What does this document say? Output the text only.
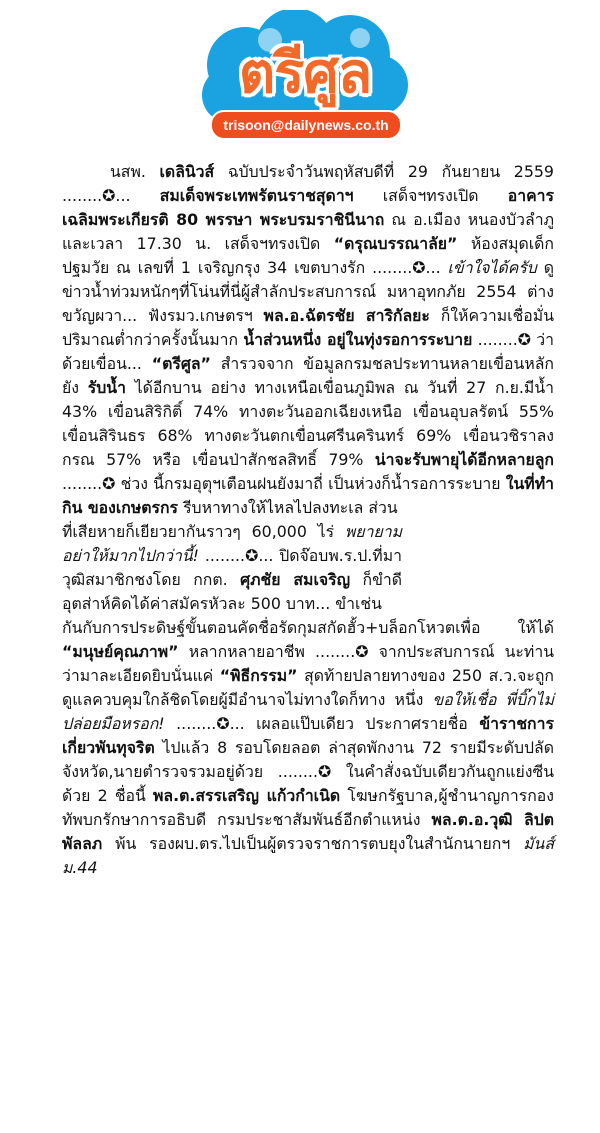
ตรีศูล
trisoon@dailynews.co.th

นสพ. เดลินิวส์ ฉบับประจำวันพฤหัสบดีที่ 29 กันยายน 2559 ........✪... สมเด็จพระเทพรัตนราชสุดาฯ เสด็จฯทรงเปิด อาคารเฉลิมพระเกียรติ 80 พรรษา พระบรมราชินีนาถ ณ อ.เมือง หนองบัวลำภู และเวลา 17.30 น. เสด็จฯทรงเปิด “ดรุณบรรณาลัย” ห้องสมุดเด็กปฐมวัย ณ เลขที่ 1 เจริญกรุง 34 เขตบางรัก ........✪... เข้าใจได้ครับ ดูข่าวน้ำท่วมหนักๆที่โน่นที่นี่ผู้สำลักประสบการณ์ มหาอุทกภัย 2554 ต่างขวัญผวา... ฟังรมว.เกษตรฯ พล.อ.ฉัตรชัย สาริกัลยะ ก็ให้ความเชื่อมั่นปริมาณต่ำกว่าครั้งนั้นมาก น้ำส่วนหนึ่ง อยู่ในทุ่งรอการระบาย ........✪ ว่าด้วยเขื่อน... “ตรีศูล” สำรวจจาก ข้อมูลกรมชลประทานหลายเขื่อนหลักยัง รับน้ำ ได้อีกบาน อย่าง ทางเหนือเขื่อนภูมิพล ณ วันที่ 27 ก.ย.มีน้ำ 43% เขื่อนสิริกิติ์ 74% ทางตะวันออกเฉียงเหนือ เขื่อนอุบลรัตน์ 55% เขื่อนสิรินธร 68% ทางตะวันตกเขื่อนศรีนครินทร์ 69% เขื่อนวชิราลงกรณ 57% หรือ เขื่อนป่าสักชลสิทธิ์ 79% น่าจะรับพายุได้อีกหลายลูก ........✪ ช่วง นี้กรมอุตุฯเตือนฝนยังมาถี่ เป็นห่วงก็น้ำรอการระบาย ในที่ทำกิน ของเกษตรกร รีบหาทางให้ไหลไปลงทะเล ส่วน

ที่เสียหายก็เยียวยากันราวๆ 60,000 ไร่ พยายาม อย่าให้มากไปกว่านี้! ........✪... ปิดจ๊อบพ.ร.ป.ที่มา วุฒิสมาชิกชงโดย กกต. ศุภชัย สมเจริญ ก็ขำดี อุตส่าห์คิดได้ค่าสมัครหัวละ 500 บาท... ขำเช่น

กันกับการประดิษฐ์ขั้นตอนคัดชื่อรัดกุมสกัดฮั้ว+บล็อกโหวตเพื่อ ให้ได้ “มนุษย์คุณภาพ” หลากหลายอาชีพ ........✪ จากประสบการณ์ นะท่าน ว่ามาละเอียดยิบนั่นแค่ “พิธีกรรม” สุดท้ายปลายทางของ 250 ส.ว.จะถูกดูแลควบคุมใกล้ชิดโดยผู้มีอำนาจไม่ทางใดก็ทาง หนึ่ง ขอให้เชื่อ พี่บิ๊กไม่ปล่อยมือหรอก! ........✪... เผลอแป๊บเดียว ประกาศรายชื่อ ข้าราชการเกี่ยวพันทุจริต ไปแล้ว 8 รอบโดยลอต ล่าสุดพักงาน 72 รายมีระดับปลัดจังหวัด,นายตำรวจรวมอยู่ด้วย ........✪ ในคำสั่งฉบับเดียวกันถูกแย่งซีนด้วย 2 ชื่อนี้ พล.ต.สรรเสริญ แก้วกำเนิด โฆษกรัฐบาล,ผู้ชำนาญการกองทัพบกรักษาการอธิบดี กรมประชาสัมพันธ์อีกตำแหน่ง พล.ต.อ.วุฒิ ลิปตพัลลภ พ้น รองผบ.ตร.ไปเป็นผู้ตรวจราชการตบยุงในสำนักนายกฯ มันส์ม.44
